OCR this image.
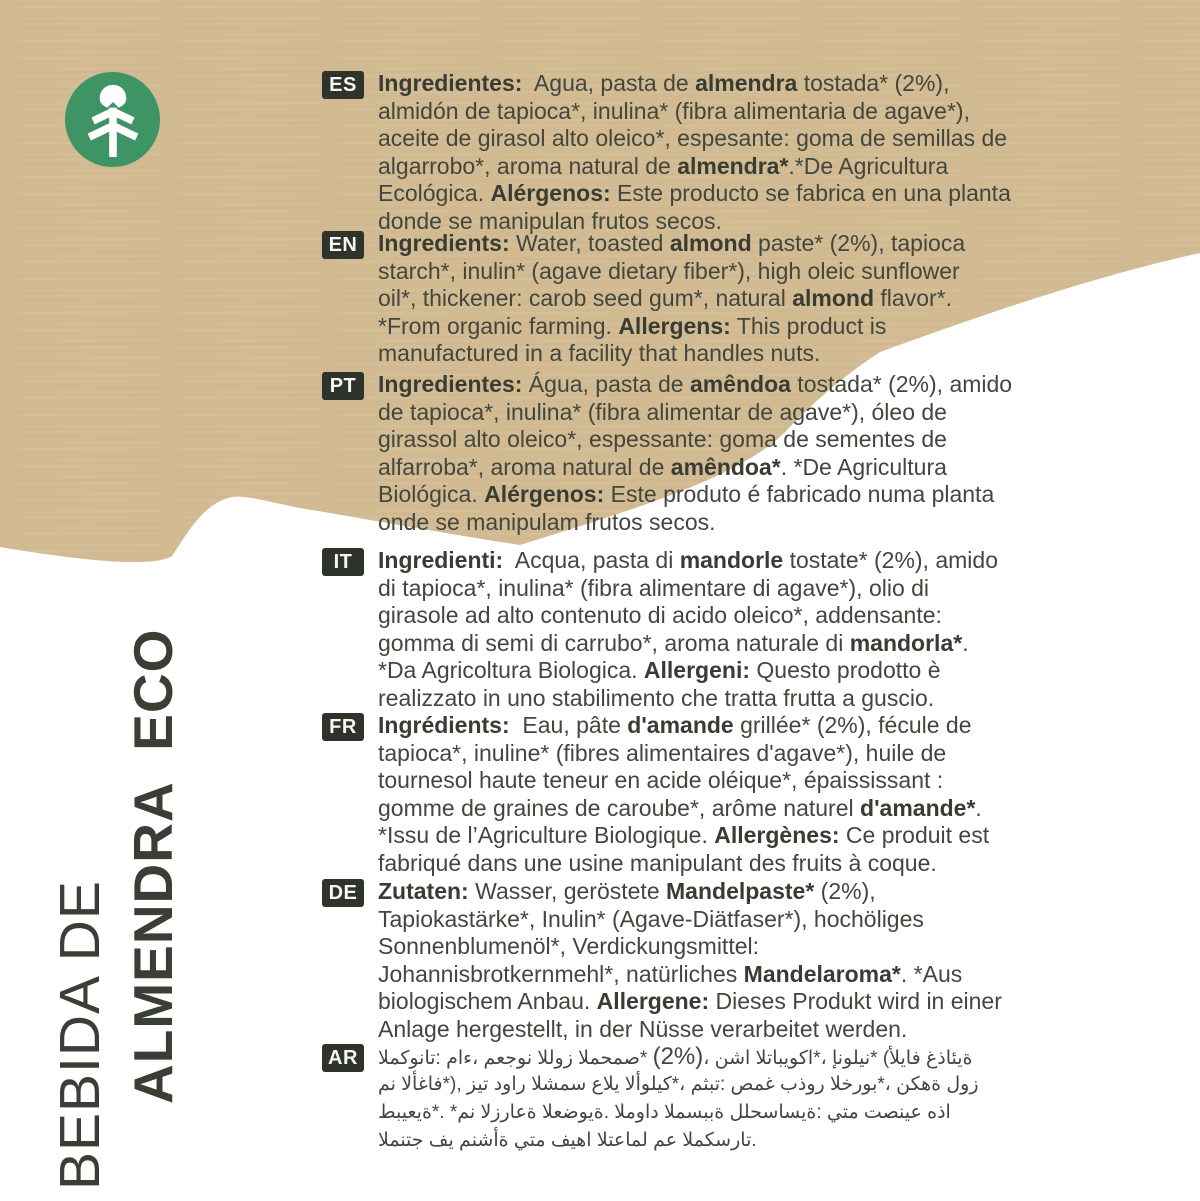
BEBIDA DE ALMENDRA  ECO
ES Ingredientes:  Agua, pasta de almendra tostada* (2%),
almidón de tapioca*, inulina* (fibra alimentaria de agave*),
aceite de girasol alto oleico*, espesante: goma de semillas de
algarrobo*, aroma natural de almendra*.*De Agricultura
Ecológica. Alérgenos: Este producto se fabrica en una planta
donde se manipulan frutos secos.
EN Ingredients: Water, toasted almond paste* (2%), tapioca
starch*, inulin* (agave dietary fiber*), high oleic sunflower
oil*, thickener: carob seed gum*, natural almond flavor*.
*From organic farming. Allergens: This product is
manufactured in a facility that handles nuts.
PT Ingredientes: Água, pasta de amêndoa tostada* (2%), amido
de tapioca*, inulina* (fibra alimentar de agave*), óleo de
girassol alto oleico*, espessante: goma de sementes de
alfarroba*, aroma natural de amêndoa*. *De Agricultura
Biológica. Alérgenos: Este produto é fabricado numa planta
onde se manipulam frutos secos.
IT	Ingredienti:  Acqua, pasta di mandorle tostate* (2%), amido
di tapioca*, inulina* (fibra alimentare di agave*), olio di
girasole ad alto contenuto di acido oleico*, addensante:
gomma di semi di carrubo*, aroma naturale di mandorla*.
*Da Agricoltura Biologica. Allergeni: Questo prodotto è
realizzato in uno stabilimento che tratta frutta a guscio.
FR Ingrédients:  Eau, pâte d'amande grillée* (2%), fécule de
tapioca*, inuline* (fibres alimentaires d'agave*), huile de
tournesol haute teneur en acide oléique*, épaississant :
gomme de graines de caroube*, arôme naturel d'amande*.
*Issu de l’Agriculture Biologique. Allergènes: Ce produit est
fabriqué dans une usine manipulant des fruits à coque.
DE Zutaten: Wasser, geröstete Mandelpaste* (2%),
Tapiokastärke*, Inulin* (Agave-Diätfaser*), hochöliges
Sonnenblumenöl*, Verdickungsmittel:
Johannisbrotkernmehl*, natürliches Mandelaroma*. *Aus
biologischem Anbau. Allergene: Dieses Produkt wird in einer
Anlage hergestellt, in der Nüsse verarbeitet werden.
AR	المكونات: ماء، معجون اللوز المحمص* (2%)، نشا التابيوكا*، إنولين* (ألياف غذائية
من الأغاف*), زيت دوار الشمس عالي الأوليك*، مثبت: صمغ بذور الخروب*، نكهة لوز
طبيعية*. *من الزراعة العضوية. المواد المسببة للحساسية: يتم تصنيع هذا
المنتج في منشأة يتم فيها التعامل مع المكسرات.
